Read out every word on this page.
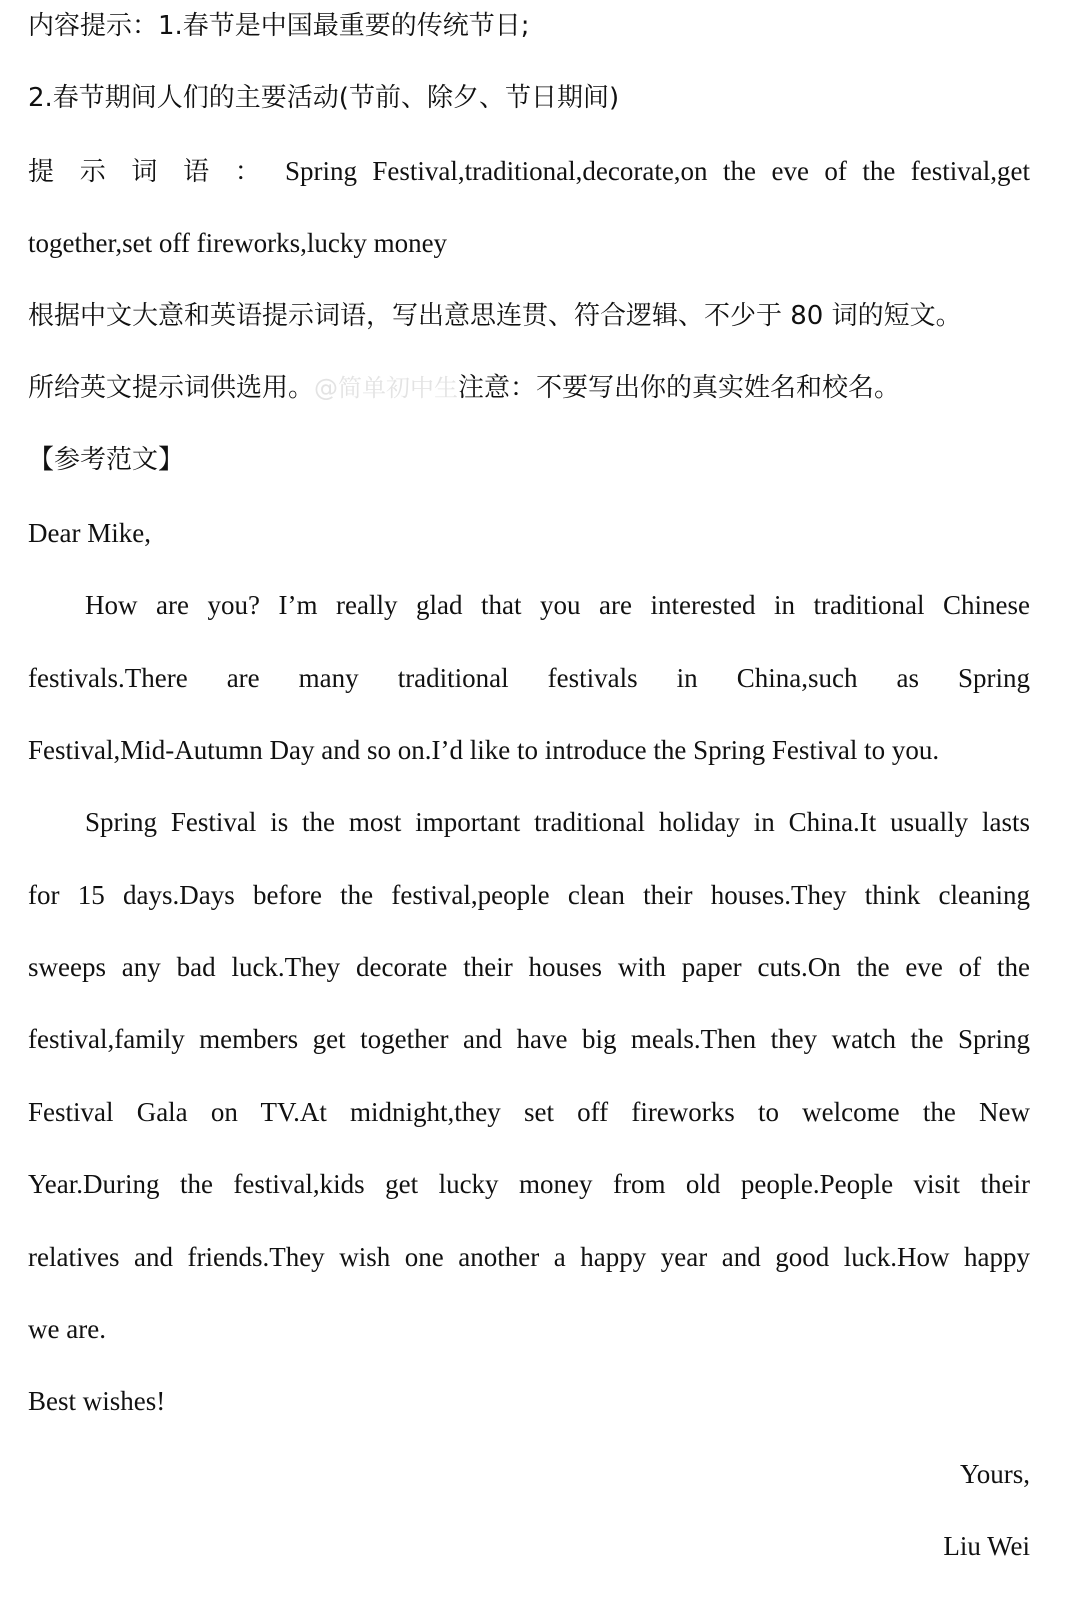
内容提示：1.春节是中国最重要的传统节日;
2.春节期间人们的主要活动(节前、除夕、节日期间)
提 示 词 语 ： Spring Festival,traditional,decorate,on the eve of the festival,get
together,set off fireworks,lucky money
根据中文大意和英语提示词语，写出意思连贯、符合逻辑、不少于 80 词的短文。
所给英文提示词供选用。@简单初中生注意：不要写出你的真实姓名和校名。
【参考范文】
Dear Mike,
How are you? I’m really glad that you are interested in traditional Chinese
festivals.There are many traditional festivals in China,such as Spring
Festival,Mid-Autumn Day and so on.I’d like to introduce the Spring Festival to you.
Spring Festival is the most important traditional holiday in China.It usually lasts
for 15 days.Days before the festival,people clean their houses.They think cleaning
sweeps any bad luck.They decorate their houses with paper cuts.On the eve of the
festival,family members get together and have big meals.Then they watch the Spring
Festival Gala on TV.At midnight,they set off fireworks to welcome the New
Year.During the festival,kids get lucky money from old people.People visit their
relatives and friends.They wish one another a happy year and good luck.How happy
we are.
Best wishes!
Yours,
Liu Wei
